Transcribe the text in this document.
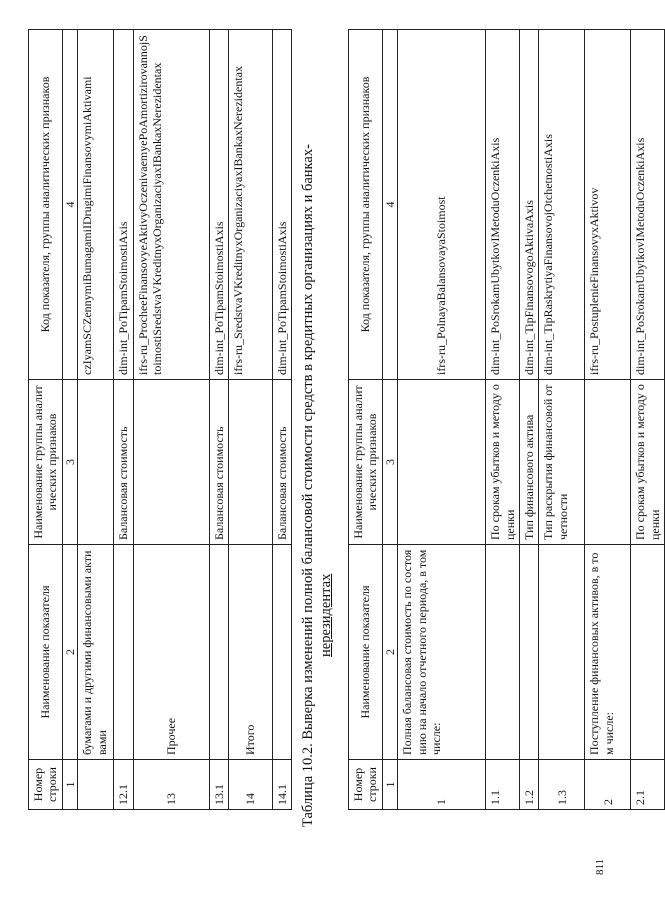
811
Номер строки	Наименование показателя	Наименование группы аналитических признаков	Код показателя, группы аналитических признаков
1	2	3	4
	бумагами и другими финансовыми активами		czIyamSCZennymiBumagamiIDrugimiFinansovymiAktivami
12.1		Балансовая стоимость	dim-int_PoTipamStoimostiAxis
13	Прочее		ifrs-ru_ProcheeFinansovyeAktivyOczenivaemyePoAmortizirovannojStoimostiSredstvaVKreditnyxOrganizaciyaxIBankaxNerezidentax
13.1		Балансовая стоимость	dim-int_PoTipamStoimostiAxis
14	Итого		ifrs-ru_SredstvaVKreditnyxOrganizaciyaxIBankaxNerezidentax
14.1		Балансовая стоимость	dim-int_PoTipamStoimostiAxis Таблица 10.2. Выверка изменений полной балансовой стоимости средств в кредитных организациях и банках- нерезидентах
Номер строки	Наименование показателя	Наименование группы аналитических признаков	Код показателя, группы аналитических признаков
1	2	3	4
1	Полная балансовая стоимость по состоянию на начало отчетного периода, в том числе:		ifrs-ru_PolnayaBalansovayaStoimost
1.1		По срокам убытков и методу оценки	dim-int_PoSrokamUbytkovIMetoduOczenkiAxis
1.2		Тип финансового актива	dim-int_TipFinansovogoAktivaAxis
1.3		Тип раскрытия финансовой отчетности	dim-int_TipRaskrytiyaFinansovojOtchetnostiAxis
2	Поступление финансовых активов, в том числе:		ifrs-ru_PostuplenieFinansovyxAktivov
2.1		По срокам убытков и методу оценки	dim-int_PoSrokamUbytkovIMetoduOczenkiAxis
